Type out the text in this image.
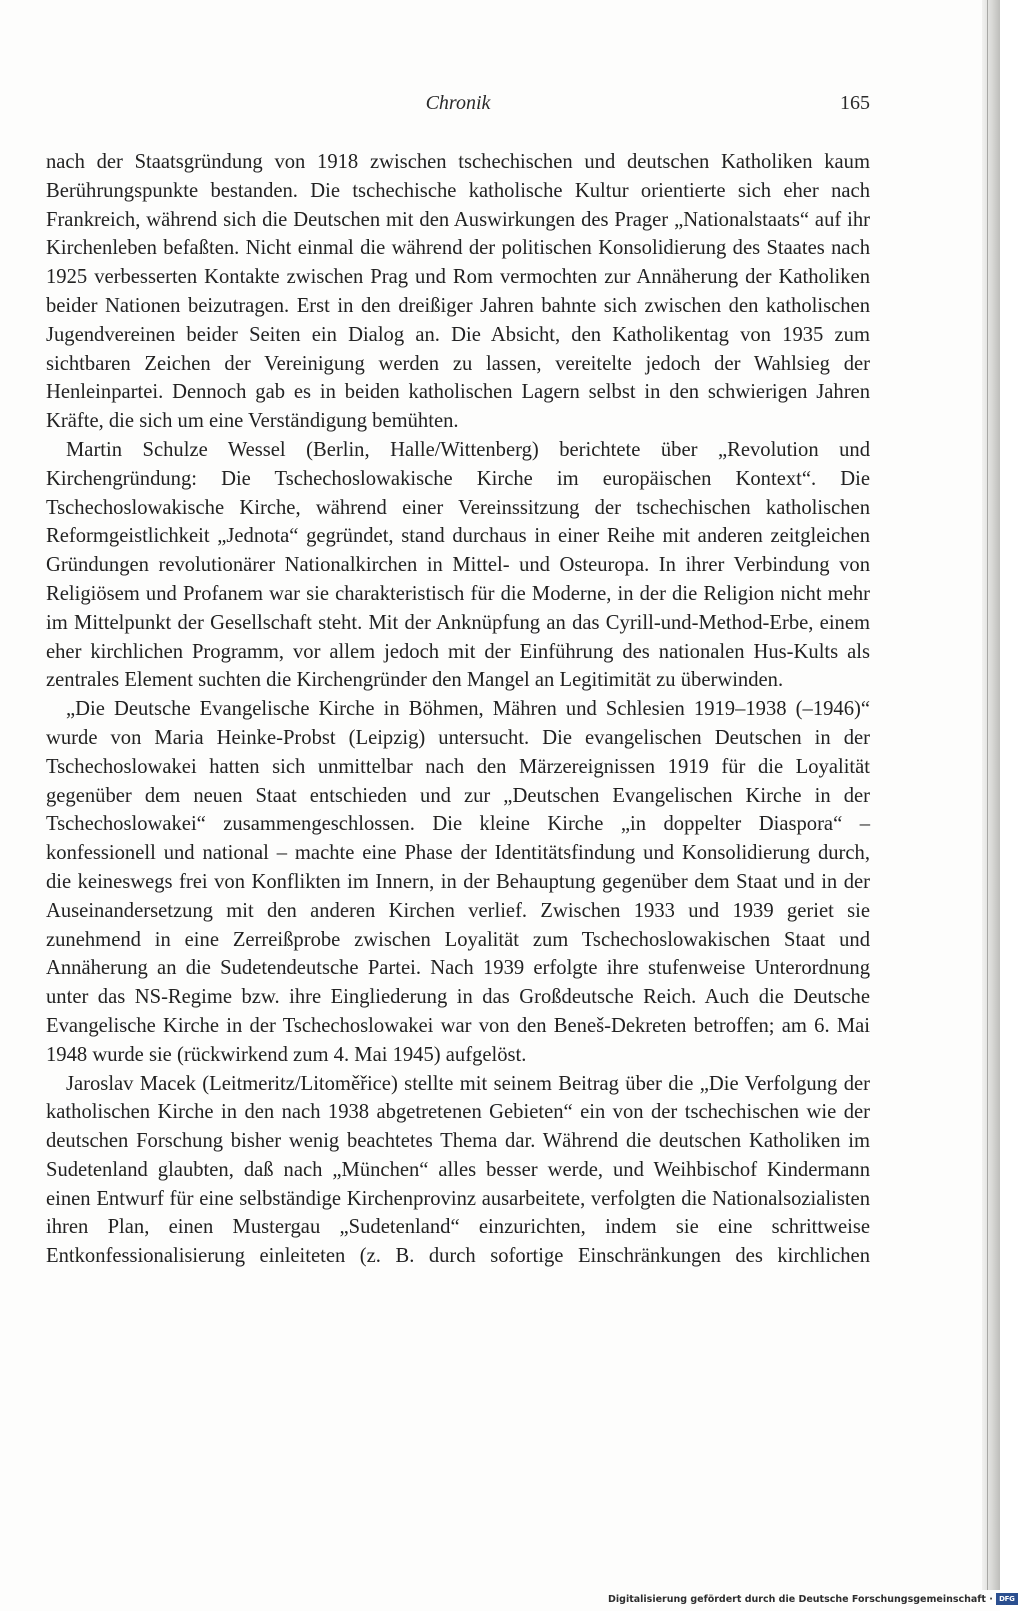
Chronik	165

nach der Staatsgründung von 1918 zwischen tschechischen und deutschen Katholiken kaum Berührungspunkte bestanden. Die tschechische katholische Kultur orientierte sich eher nach Frankreich, während sich die Deutschen mit den Auswirkungen des Prager „Nationalstaats“ auf ihr Kirchenleben befaßten. Nicht einmal die während der politischen Konsolidierung des Staates nach 1925 verbesserten Kontakte zwischen Prag und Rom vermochten zur Annäherung der Katholiken beider Nationen beizutragen. Erst in den dreißiger Jahren bahnte sich zwischen den katholischen Jugendvereinen beider Seiten ein Dialog an. Die Absicht, den Katholikentag von 1935 zum sichtbaren Zeichen der Vereinigung werden zu lassen, vereitelte jedoch der Wahlsieg der Henleinpartei. Dennoch gab es in beiden katholischen Lagern selbst in den schwierigen Jahren Kräfte, die sich um eine Verständigung bemühten.

Martin Schulze Wessel (Berlin, Halle/Wittenberg) berichtete über „Revolution und Kirchengründung: Die Tschechoslowakische Kirche im europäischen Kontext“. Die Tschechoslowakische Kirche, während einer Vereinssitzung der tschechischen katholischen Reformgeistlichkeit „Jednota“ gegründet, stand durchaus in einer Reihe mit anderen zeitgleichen Gründungen revolutionärer Nationalkirchen in Mittel- und Osteuropa. In ihrer Verbindung von Religiösem und Profanem war sie charakteristisch für die Moderne, in der die Religion nicht mehr im Mittelpunkt der Gesellschaft steht. Mit der Anknüpfung an das Cyrill-und-Method-Erbe, einem eher kirchlichen Programm, vor allem jedoch mit der Einführung des nationalen Hus-Kults als zentrales Element suchten die Kirchengründer den Mangel an Legitimität zu überwinden.

„Die Deutsche Evangelische Kirche in Böhmen, Mähren und Schlesien 1919–1938 (–1946)“ wurde von Maria Heinke-Probst (Leipzig) untersucht. Die evangelischen Deutschen in der Tschechoslowakei hatten sich unmittelbar nach den Märzereignissen 1919 für die Loyalität gegenüber dem neuen Staat entschieden und zur „Deutschen Evangelischen Kirche in der Tschechoslowakei“ zusammengeschlossen. Die kleine Kirche „in doppelter Diaspora“ – konfessionell und national – machte eine Phase der Identitätsfindung und Konsolidierung durch, die keineswegs frei von Konflikten im Innern, in der Behauptung gegenüber dem Staat und in der Auseinandersetzung mit den anderen Kirchen verlief. Zwischen 1933 und 1939 geriet sie zunehmend in eine Zerreißprobe zwischen Loyalität zum Tschechoslowakischen Staat und Annäherung an die Sudetendeutsche Partei. Nach 1939 erfolgte ihre stufenweise Unterordnung unter das NS-Regime bzw. ihre Eingliederung in das Großdeutsche Reich. Auch die Deutsche Evangelische Kirche in der Tschechoslowakei war von den Beneš-Dekreten betroffen; am 6. Mai 1948 wurde sie (rückwirkend zum 4. Mai 1945) aufgelöst.

Jaroslav Macek (Leitmeritz/Litoměřice) stellte mit seinem Beitrag über die „Die Verfolgung der katholischen Kirche in den nach 1938 abgetretenen Gebieten“ ein von der tschechischen wie der deutschen Forschung bisher wenig beachtetes Thema dar. Während die deutschen Katholiken im Sudetenland glaubten, daß nach „München“ alles besser werde, und Weihbischof Kindermann einen Entwurf für eine selbständige Kirchenprovinz ausarbeitete, verfolgten die Nationalsozialisten ihren Plan, einen Mustergau „Sudetenland“ einzurichten, indem sie eine schrittweise Entkonfessionalisierung einleiteten (z. B. durch sofortige Einschränkungen des kirchlichen

Digitalisierung gefördert durch die Deutsche Forschungsgemeinschaft · DFG
